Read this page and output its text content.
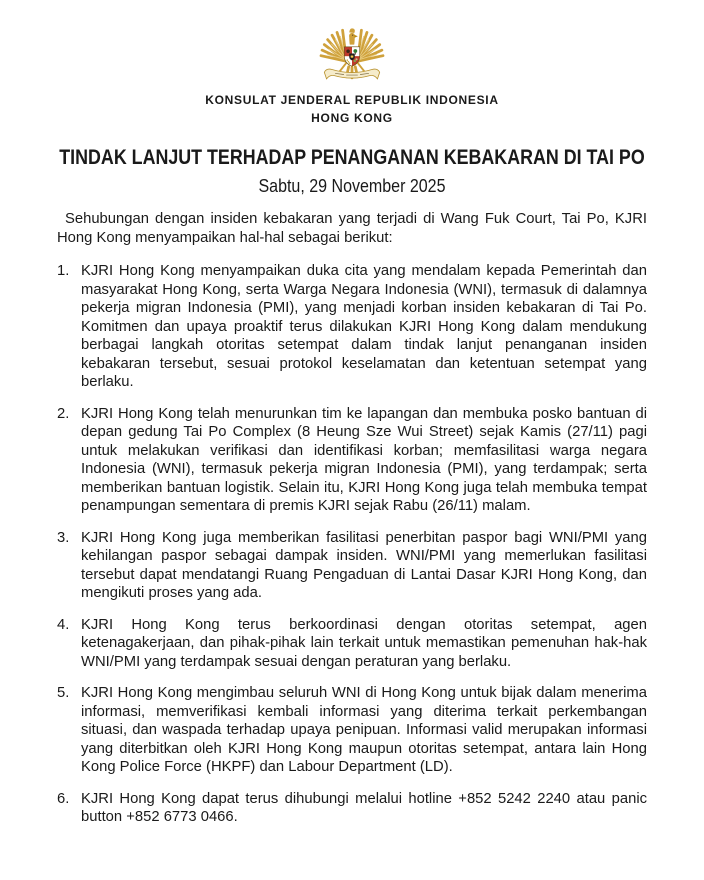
KONSULAT JENDERAL REPUBLIK INDONESIA
HONG KONG
TINDAK LANJUT TERHADAP PENANGANAN KEBAKARAN DI TAI PO
Sabtu, 29 November 2025

Sehubungan dengan insiden kebakaran yang terjadi di Wang Fuk Court, Tai Po, KJRI Hong Kong menyampaikan hal-hal sebagai berikut:

1. KJRI Hong Kong menyampaikan duka cita yang mendalam kepada Pemerintah dan masyarakat Hong Kong, serta Warga Negara Indonesia (WNI), termasuk di dalamnya pekerja migran Indonesia (PMI), yang menjadi korban insiden kebakaran di Tai Po. Komitmen dan upaya proaktif terus dilakukan KJRI Hong Kong dalam mendukung berbagai langkah otoritas setempat dalam tindak lanjut penanganan insiden kebakaran tersebut, sesuai protokol keselamatan dan ketentuan setempat yang berlaku.
2. KJRI Hong Kong telah menurunkan tim ke lapangan dan membuka posko bantuan di depan gedung Tai Po Complex (8 Heung Sze Wui Street) sejak Kamis (27/11) pagi untuk melakukan verifikasi dan identifikasi korban; memfasilitasi warga negara Indonesia (WNI), termasuk pekerja migran Indonesia (PMI), yang terdampak; serta memberikan bantuan logistik. Selain itu, KJRI Hong Kong juga telah membuka tempat penampungan sementara di premis KJRI sejak Rabu (26/11) malam.
3. KJRI Hong Kong juga memberikan fasilitasi penerbitan paspor bagi WNI/PMI yang kehilangan paspor sebagai dampak insiden. WNI/PMI yang memerlukan fasilitasi tersebut dapat mendatangi Ruang Pengaduan di Lantai Dasar KJRI Hong Kong, dan mengikuti proses yang ada.
4. KJRI Hong Kong terus berkoordinasi dengan otoritas setempat, agen ketenagakerjaan, dan pihak-pihak lain terkait untuk memastikan pemenuhan hak-hak WNI/PMI yang terdampak sesuai dengan peraturan yang berlaku.
5. KJRI Hong Kong mengimbau seluruh WNI di Hong Kong untuk bijak dalam menerima informasi, memverifikasi kembali informasi yang diterima terkait perkembangan situasi, dan waspada terhadap upaya penipuan. Informasi valid merupakan informasi yang diterbitkan oleh KJRI Hong Kong maupun otoritas setempat, antara lain Hong Kong Police Force (HKPF) dan Labour Department (LD).
6. KJRI Hong Kong dapat terus dihubungi melalui hotline +852 5242 2240 atau panic button +852 6773 0466.
